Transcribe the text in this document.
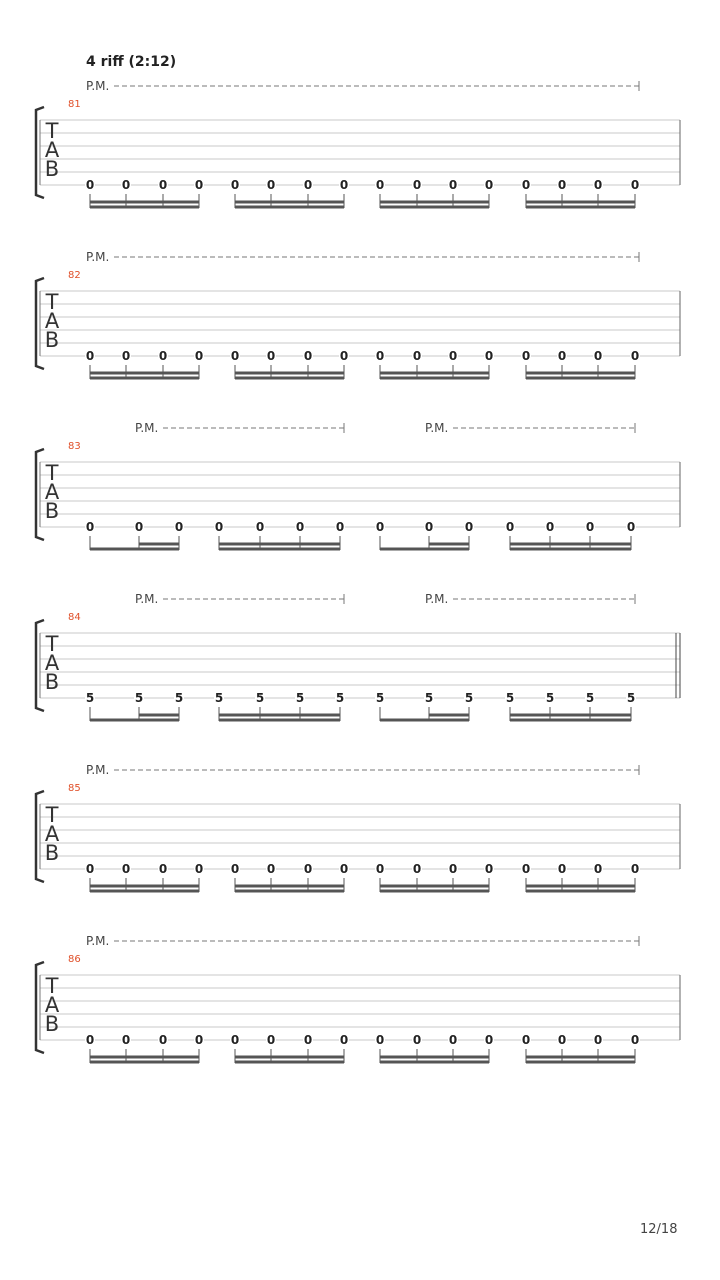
4 riff (2:12)
T
A
B
81
P.M.
0 0 0 0 0 0 0 0 0 0 0 0 0 0 0 0
T
A
B
82
P.M.
0 0 0 0 0 0 0 0 0 0 0 0 0 0 0 0
T
A
B
83
P.M.	P.M.
0	0	0	0	0	0	0	0	0	0	0	0	0	0
T
A
B
84
P.M.	P.M.
5	5	5	5	5	5	5	5	5	5	5	5	5	5
T
A
B
85
P.M.
0 0 0 0 0 0 0 0 0 0 0 0 0 0 0 0
T
A
B
86
P.M.
0 0 0 0 0 0 0 0 0 0 0 0 0 0 0 0
12/18
